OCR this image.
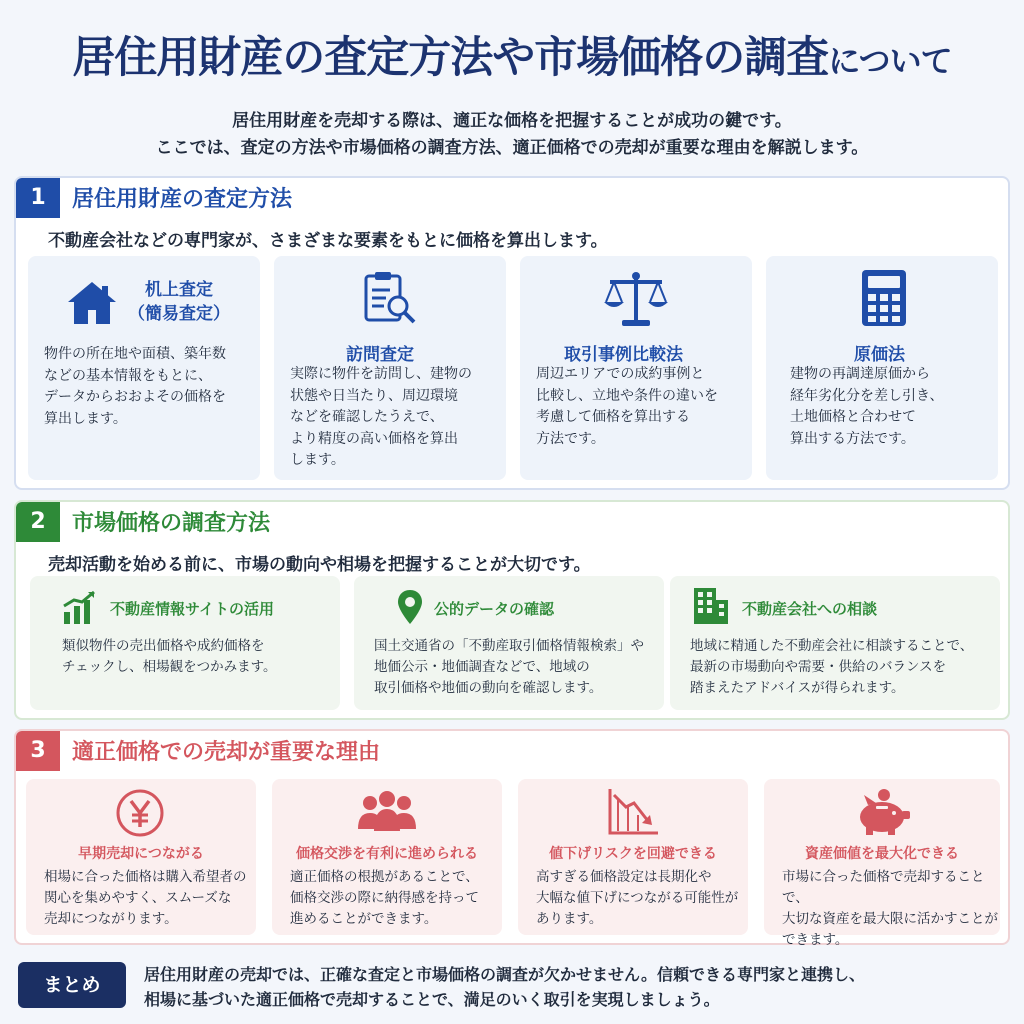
居住用財産の査定方法や市場価格の調査について
居住用財産を売却する際は、適正な価格を把握することが成功の鍵です。
ここでは、査定の方法や市場価格の調査方法、適正価格での売却が重要な理由を解説します。
1	居住用財産の査定方法
不動産会社などの専門家が、さまざまな要素をもとに価格を算出します。
机上査定
（簡易査定）
物件の所在地や面積、築年数
などの基本情報をもとに、
データからおおよその価格を
算出します。
訪問査定
実際に物件を訪問し、建物の
状態や日当たり、周辺環境
などを確認したうえで、
より精度の高い価格を算出
します。
取引事例比較法
周辺エリアでの成約事例と
比較し、立地や条件の違いを
考慮して価格を算出する
方法です。
原価法
建物の再調達原価から
経年劣化分を差し引き、
土地価格と合わせて
算出する方法です。
2	市場価格の調査方法
売却活動を始める前に、市場の動向や相場を把握することが大切です。
不動産情報サイトの活用
類似物件の売出価格や成約価格を
チェックし、相場観をつかみます。
公的データの確認
国土交通省の「不動産取引価格情報検索」や
地価公示・地価調査などで、地域の
取引価格や地価の動向を確認します。
不動産会社への相談
地域に精通した不動産会社に相談することで、
最新の市場動向や需要・供給のバランスを
踏まえたアドバイスが得られます。
3	適正価格での売却が重要な理由
早期売却につながる
相場に合った価格は購入希望者の
関心を集めやすく、スムーズな
売却につながります。
価格交渉を有利に進められる
適正価格の根拠があることで、
価格交渉の際に納得感を持って
進めることができます。
値下げリスクを回避できる
高すぎる価格設定は長期化や
大幅な値下げにつながる可能性が
あります。
資産価値を最大化できる
市場に合った価格で売却することで、
大切な資産を最大限に活かすことが
できます。
まとめ	居住用財産の売却では、正確な査定と市場価格の調査が欠かせません。信頼できる専門家と連携し、
相場に基づいた適正価格で売却することで、満足のいく取引を実現しましょう。
